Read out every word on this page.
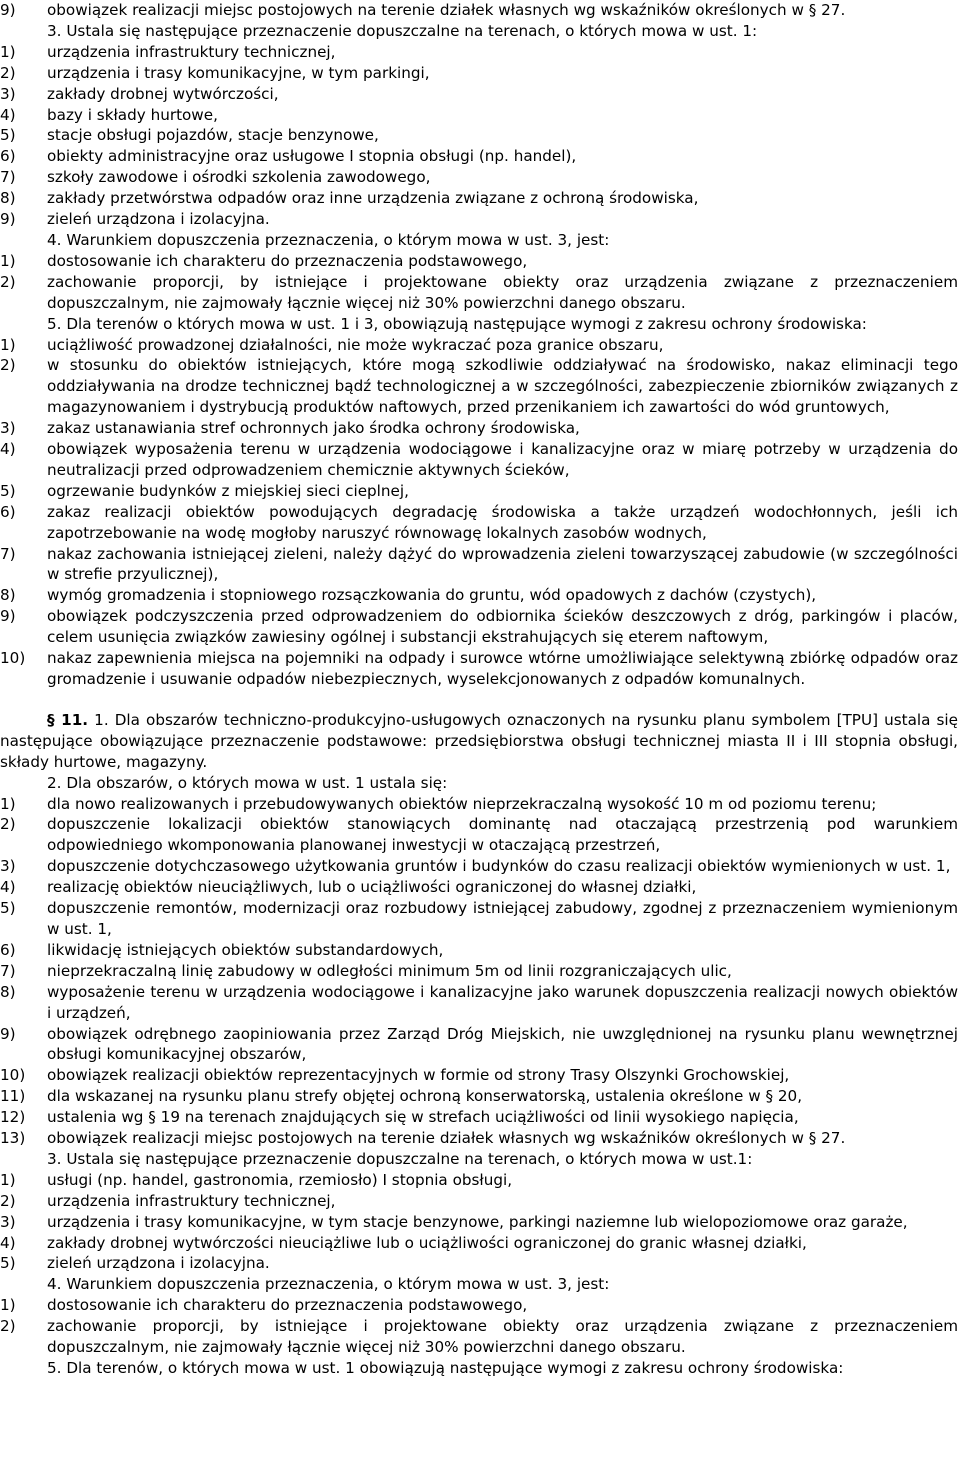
9)	obowiązek realizacji miejsc postojowych na terenie działek własnych wg wskaźników określonych w § 27.

3. Ustala się następujące przeznaczenie dopuszczalne na terenach, o których mowa w ust. 1:

1)	urządzenia infrastruktury technicznej,
2)	urządzenia i trasy komunikacyjne, w tym parkingi,
3)	zakłady drobnej wytwórczości,
4)	bazy i składy hurtowe,
5)	stacje obsługi pojazdów, stacje benzynowe,
6)	obiekty administracyjne oraz usługowe I stopnia obsługi (np. handel),
7)	szkoły zawodowe i ośrodki szkolenia zawodowego,
8)	zakłady przetwórstwa odpadów oraz inne urządzenia związane z ochroną środowiska,
9)	zieleń urządzona i izolacyjna.

4. Warunkiem dopuszczenia przeznaczenia, o którym mowa w ust. 3, jest:

1)	dostosowanie ich charakteru do przeznaczenia podstawowego,
2)	zachowanie proporcji, by istniejące i projektowane obiekty oraz urządzenia związane z przeznaczeniem dopuszczalnym, nie zajmowały łącznie więcej niż 30% powierzchni danego obszaru.

5. Dla terenów o których mowa w ust. 1 i 3, obowiązują następujące wymogi z zakresu ochrony środowiska:

1)	uciążliwość prowadzonej działalności, nie może wykraczać poza granice obszaru,
2)	w stosunku do obiektów istniejących, które mogą szkodliwie oddziaływać na środowisko, nakaz eliminacji tego oddziaływania na drodze technicznej bądź technologicznej a w szczególności, zabezpieczenie zbiorników związanych z magazynowaniem i dystrybucją produktów naftowych, przed przenikaniem ich zawartości do wód gruntowych,
3)	zakaz ustanawiania stref ochronnych jako środka ochrony środowiska,
4)	obowiązek wyposażenia terenu w urządzenia wodociągowe i kanalizacyjne oraz w miarę potrzeby w urządzenia do neutralizacji przed odprowadzeniem chemicznie aktywnych ścieków,
5)	ogrzewanie budynków z miejskiej sieci cieplnej,
6)	zakaz realizacji obiektów powodujących degradację środowiska a także urządzeń wodochłonnych, jeśli ich zapotrzebowanie na wodę mogłoby naruszyć równowagę lokalnych zasobów wodnych,
7)	nakaz zachowania istniejącej zieleni, należy dążyć do wprowadzenia zieleni towarzyszącej zabudowie (w szczególności w strefie przyulicznej),
8)	wymóg gromadzenia i stopniowego rozsączkowania do gruntu, wód opadowych z dachów (czystych),
9)	obowiązek podczyszczenia przed odprowadzeniem do odbiornika ścieków deszczowych z dróg, parkingów i placów, celem usunięcia związków zawiesiny ogólnej i substancji ekstrahujących się eterem naftowym,
10)	nakaz zapewnienia miejsca na pojemniki na odpady i surowce wtórne umożliwiające selektywną zbiórkę odpadów oraz gromadzenie i usuwanie odpadów niebezpiecznych, wyselekcjonowanych z odpadów komunalnych.

§ 11. 1. Dla obszarów techniczno-produkcyjno-usługowych oznaczonych na rysunku planu symbolem [TPU] ustala się następujące obowiązujące przeznaczenie podstawowe: przedsiębiorstwa obsługi technicznej miasta II i III stopnia obsługi, składy hurtowe, magazyny.

2. Dla obszarów, o których mowa w ust. 1 ustala się:

1)	dla nowo realizowanych i przebudowywanych obiektów nieprzekraczalną wysokość 10 m od poziomu terenu;
2)	dopuszczenie lokalizacji obiektów stanowiących dominantę nad otaczającą przestrzenią pod warunkiem odpowiedniego wkomponowania planowanej inwestycji w otaczającą przestrzeń,
3)	dopuszczenie dotychczasowego użytkowania gruntów i budynków do czasu realizacji obiektów wymienionych w ust. 1,
4)	realizację obiektów nieuciążliwych, lub o uciążliwości ograniczonej do własnej działki,
5)	dopuszczenie remontów, modernizacji oraz rozbudowy istniejącej zabudowy, zgodnej z przeznaczeniem wymienionym w ust. 1,
6)	likwidację istniejących obiektów substandardowych,
7)	nieprzekraczalną linię zabudowy w odległości minimum 5m od linii rozgraniczających ulic,
8)	wyposażenie terenu w urządzenia wodociągowe i kanalizacyjne jako warunek dopuszczenia realizacji nowych obiektów i urządzeń,
9)	obowiązek odrębnego zaopiniowania przez Zarząd Dróg Miejskich, nie uwzględnionej na rysunku planu wewnętrznej obsługi komunikacyjnej obszarów,
10)	obowiązek realizacji obiektów reprezentacyjnych w formie od strony Trasy Olszynki Grochowskiej,
11)	dla wskazanej na rysunku planu strefy objętej ochroną konserwatorską, ustalenia określone w § 20,
12)	ustalenia wg § 19 na terenach znajdujących się w strefach uciążliwości od linii wysokiego napięcia,
13)	obowiązek realizacji miejsc postojowych na terenie działek własnych wg wskaźników określonych w § 27.

3. Ustala się następujące przeznaczenie dopuszczalne na terenach, o których mowa w ust.1:

1)	usługi (np. handel, gastronomia, rzemiosło) I stopnia obsługi,
2)	urządzenia infrastruktury technicznej,
3)	urządzenia i trasy komunikacyjne, w tym stacje benzynowe, parkingi naziemne lub wielopoziomowe oraz garaże,
4)	zakłady drobnej wytwórczości nieuciążliwe lub o uciążliwości ograniczonej do granic własnej działki,
5)	zieleń urządzona i izolacyjna.

4. Warunkiem dopuszczenia przeznaczenia, o którym mowa w ust. 3, jest:

1)	dostosowanie ich charakteru do przeznaczenia podstawowego,
2)	zachowanie proporcji, by istniejące i projektowane obiekty oraz urządzenia związane z przeznaczeniem dopuszczalnym, nie zajmowały łącznie więcej niż 30% powierzchni danego obszaru.

5. Dla terenów, o których mowa w ust. 1 obowiązują następujące wymogi z zakresu ochrony środowiska:
